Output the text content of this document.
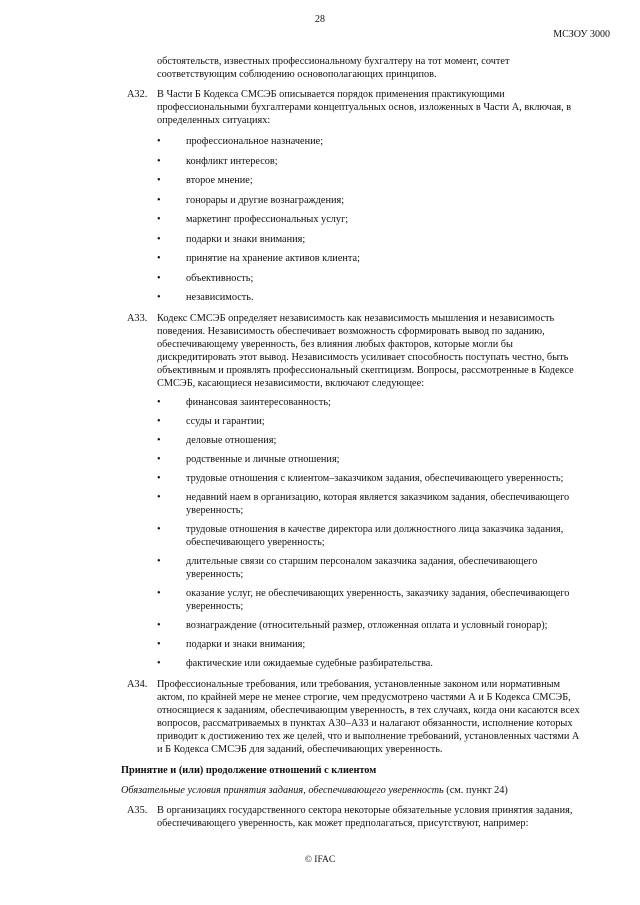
28
МСЗОУ 3000
обстоятельств, известных профессиональному бухгалтеру на тот момент, сочтет
соответствующим соблюдению основополагающих принципов.
A32. В Части Б Кодекса СМСЭБ описывается порядок применения практикующими
профессиональными бухгалтерами концептуальных основ, изложенных в Части А, включая, в
определенных ситуациях:
• профессиональное назначение;
• конфликт интересов;
• второе мнение;
• гонорары и другие вознаграждения;
• маркетинг профессиональных услуг;
• подарки и знаки внимания;
• принятие на хранение активов клиента;
• объективность;
• независимость.
A33. Кодекс СМСЭБ определяет независимость как независимость мышления и независимость
поведения. Независимость обеспечивает возможность сформировать вывод по заданию,
обеспечивающему уверенность, без влияния любых факторов, которые могли бы
дискредитировать этот вывод. Независимость усиливает способность поступать честно, быть
объективным и проявлять профессиональный скептицизм. Вопросы, рассмотренные в Кодексе
СМСЭБ, касающиеся независимости, включают следующее:
• финансовая заинтересованность;
• ссуды и гарантии;
• деловые отношения;
• родственные и личные отношения;
• трудовые отношения с клиентом–заказчиком задания, обеспечивающего уверенность;
• недавний наем в организацию, которая является заказчиком задания, обеспечивающего
уверенность;
• трудовые отношения в качестве директора или должностного лица заказчика задания,
обеспечивающего уверенность;
• длительные связи со старшим персоналом заказчика задания, обеспечивающего
уверенность;
• оказание услуг, не обеспечивающих уверенность, заказчику задания, обеспечивающего
уверенность;
• вознаграждение (относительный размер, отложенная оплата и условный гонорар);
• подарки и знаки внимания;
• фактические или ожидаемые судебные разбирательства.
A34. Профессиональные требования, или требования, установленные законом или нормативным
актом, по крайней мере не менее строгие, чем предусмотрено частями А и Б Кодекса СМСЭБ,
относящиеся к заданиям, обеспечивающим уверенность, в тех случаях, когда они касаются всех
вопросов, рассматриваемых в пунктах A30–A33 и налагают обязанности, исполнение которых
приводит к достижению тех же целей, что и выполнение требований, установленных частями А
и Б Кодекса СМСЭБ для заданий, обеспечивающих уверенность.
Принятие и (или) продолжение отношений с клиентом
Обязательные условия принятия задания, обеспечивающего уверенность (см. пункт 24)
A35. В организациях государственного сектора некоторые обязательные условия принятия задания,
обеспечивающего уверенность, как может предполагаться, присутствуют, например:
© IFAC
